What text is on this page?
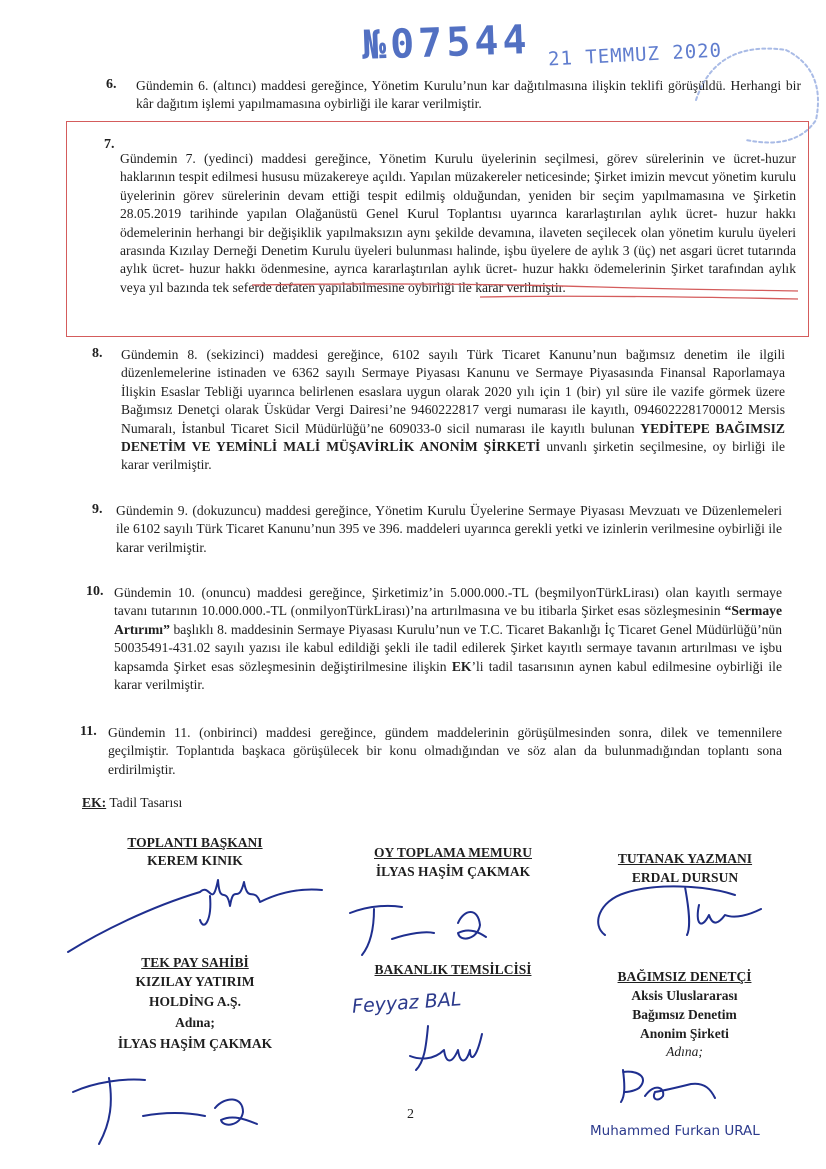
№07544 21 TEMMUZ 2020
6. Gündemin 6. (altıncı) maddesi gereğince, Yönetim Kurulu’nun kar dağıtılmasına ilişkin teklifi görüşüldü. Herhangi bir kâr dağıtım işlemi yapılmamasına oybirliği ile karar verilmiştir.
7.
Gündemin 7. (yedinci) maddesi gereğince, Yönetim Kurulu üyelerinin seçilmesi, görev sürelerinin ve ücret-huzur haklarının tespit edilmesi hususu müzakereye açıldı. Yapılan müzakereler neticesinde; Şirket imizin mevcut yönetim kurulu üyelerinin görev sürelerinin devam ettiği tespit edilmiş olduğundan, yeniden bir seçim yapılmamasına ve Şirketin 28.05.2019 tarihinde yapılan Olağanüstü Genel Kurul Toplantısı uyarınca kararlaştırılan aylık ücret- huzur hakkı ödemelerinin herhangi bir değişiklik yapılmaksızın aynı şekilde devamına, ilaveten seçilecek olan yönetim kurulu üyeleri arasında Kızılay Derneği Denetim Kurulu üyeleri bulunması halinde, işbu üyelere de aylık 3 (üç) net asgari ücret tutarında aylık ücret- huzur hakkı ödenmesine, ayrıca kararlaştırılan aylık ücret- huzur hakkı ödemelerinin Şirket tarafından aylık veya yıl bazında tek seferde defaten yapılabilmesine oybirliği ile karar verilmiştir.
8. Gündemin 8. (sekizinci) maddesi gereğince, 6102 sayılı Türk Ticaret Kanunu’nun bağımsız denetim ile ilgili düzenlemelerine istinaden ve 6362 sayılı Sermaye Piyasası Kanunu ve Sermaye Piyasasında Finansal Raporlamaya İlişkin Esaslar Tebliği uyarınca belirlenen esaslara uygun olarak 2020 yılı için 1 (bir) yıl süre ile vazife görmek üzere Bağımsız Denetçi olarak Üsküdar Vergi Dairesi’ne 9460222817 vergi numarası ile kayıtlı, 0946022281700012 Mersis Numaralı, İstanbul Ticaret Sicil Müdürlüğü’ne 609033-0 sicil numarası ile kayıtlı bulunan YEDİTEPE BAĞIMSIZ DENETİM VE YEMİNLİ MALİ MÜŞAVİRLİK ANONİM ŞİRKETİ unvanlı şirketin seçilmesine, oy birliği ile karar verilmiştir.
9. Gündemin 9. (dokuzuncu) maddesi gereğince, Yönetim Kurulu Üyelerine Sermaye Piyasası Mevzuatı ve Düzenlemeleri ile 6102 sayılı Türk Ticaret Kanunu’nun 395 ve 396. maddeleri uyarınca gerekli yetki ve izinlerin verilmesine oybirliği ile karar verilmiştir.
10. Gündemin 10. (onuncu) maddesi gereğince, Şirketimiz’in 5.000.000.-TL (beşmilyonTürkLirası) olan kayıtlı sermaye tavanı tutarının 10.000.000.-TL (onmilyonTürkLirası)’na artırılmasına ve bu itibarla Şirket esas sözleşmesinin “Sermaye Artırımı” başlıklı 8. maddesinin Sermaye Piyasası Kurulu’nun ve T.C. Ticaret Bakanlığı İç Ticaret Genel Müdürlüğü’nün 50035491-431.02 sayılı yazısı ile kabul edildiği şekli ile tadil edilerek Şirket kayıtlı sermaye tavanın artırılması ve işbu kapsamda Şirket esas sözleşmesinin değiştirilmesine ilişkin EK’li tadil tasarısının aynen kabul edilmesine oybirliği ile karar verilmiştir.
11. Gündemin 11. (onbirinci) maddesi gereğince, gündem maddelerinin görüşülmesinden sonra, dilek ve temennilere geçilmiştir. Toplantıda başkaca görüşülecek bir konu olmadığından ve söz alan da bulunmadığından toplantı sona erdirilmiştir.
EK: Tadil Tasarısı
TOPLANTI BAŞKANI
KEREM KINIK
OY TOPLAMA MEMURU
İLYAS HAŞİM ÇAKMAK
TUTANAK YAZMANI
ERDAL DURSUN
TEK PAY SAHİBİ
KIZILAY YATIRIM
HOLDİNG A.Ş.
Adına;
İLYAS HAŞİM ÇAKMAK
BAKANLIK TEMSİLCİSİ
Feyyaz BAL
BAĞIMSIZ DENETÇİ
Aksis Uluslararası
Bağımsız Denetim
Anonim Şirketi
Adına;
Muhammed Furkan URAL
2
